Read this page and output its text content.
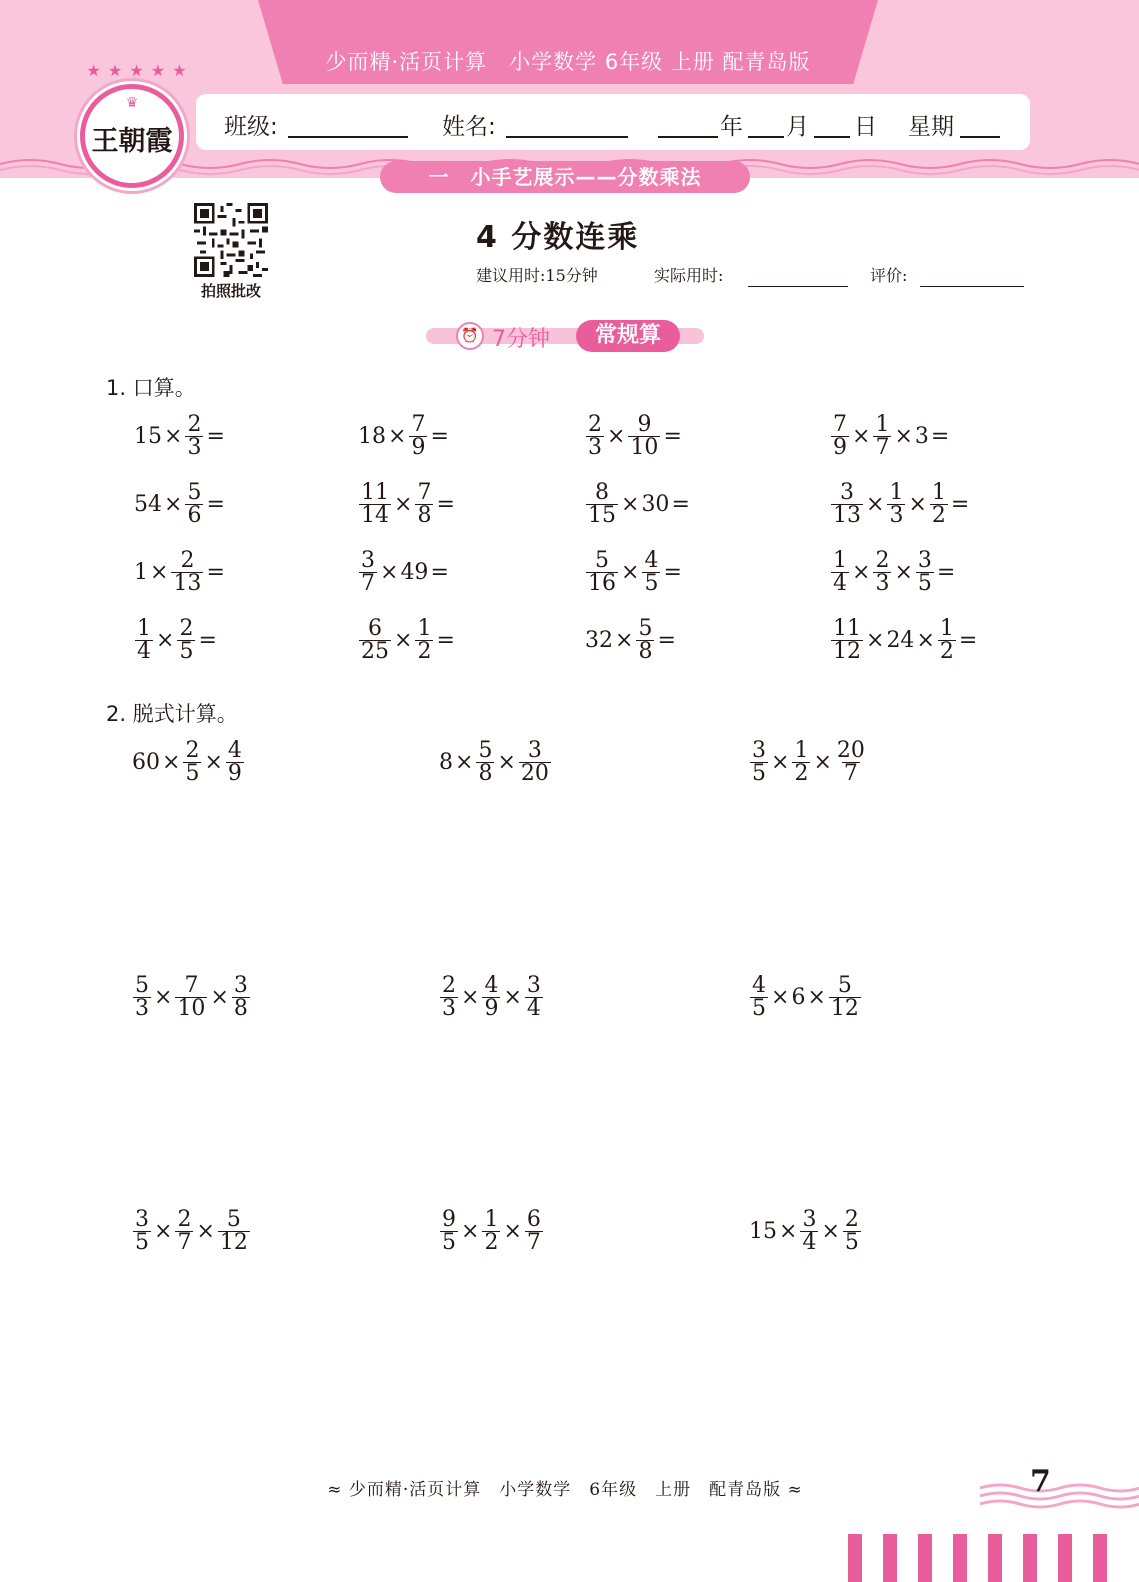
少而精·活页计算　小学数学 6年级 上册 配青岛版
班级:	姓名:	年 月 日 星期
一　小手艺展示——分数乘法
★ ★ ★ ★ ★
♛
王朝霞
拍照批改
4 分数连乘
建议用时:15分钟	实际用时:	评价:
⏰ 7分钟	常规算
1. 口算。
$15 \times \frac{2}{3}$ =	$18 \times \frac{7}{9}$ =	$\frac{2}{3} \times \frac{9}{10}$ =	$\frac{7}{9} \times \frac{1}{7} \times 3$ =
$54 \times \frac{5}{6}$ =	$\frac{11}{14} \times \frac{7}{8}$ =	$\frac{8}{15} \times 30$ =	$\frac{3}{13} \times \frac{1}{3} \times \frac{1}{2}$ =
$1 \times \frac{2}{13}$ =	$\frac{3}{7} \times 49$ =	$\frac{5}{16} \times \frac{4}{5}$ =	$\frac{1}{4} \times \frac{2}{3} \times \frac{3}{5}$ =
$\frac{1}{4} \times \frac{2}{5}$ =	$\frac{6}{25} \times \frac{1}{2}$ =	$32 \times \frac{5}{8}$ =	$\frac{11}{12} \times 24 \times \frac{1}{2}$ =
2. 脱式计算。
$60 \times \frac{2}{5} \times \frac{4}{9}$	$8 \times \frac{5}{8} \times \frac{3}{20}$	$\frac{3}{5} \times \frac{1}{2} \times \frac{20}{7}$
$\frac{5}{3} \times \frac{7}{10} \times \frac{3}{8}$	$\frac{2}{3} \times \frac{4}{9} \times \frac{3}{4}$	$\frac{4}{5} \times 6 \times \frac{5}{12}$
$\frac{3}{5} \times \frac{2}{7} \times \frac{5}{12}$	$\frac{9}{5} \times \frac{1}{2} \times \frac{6}{7}$	$15 \times \frac{3}{4} \times \frac{2}{5}$
≈ 少而精·活页计算　小学数学　6年级　上册　配青岛版 ≈	7
